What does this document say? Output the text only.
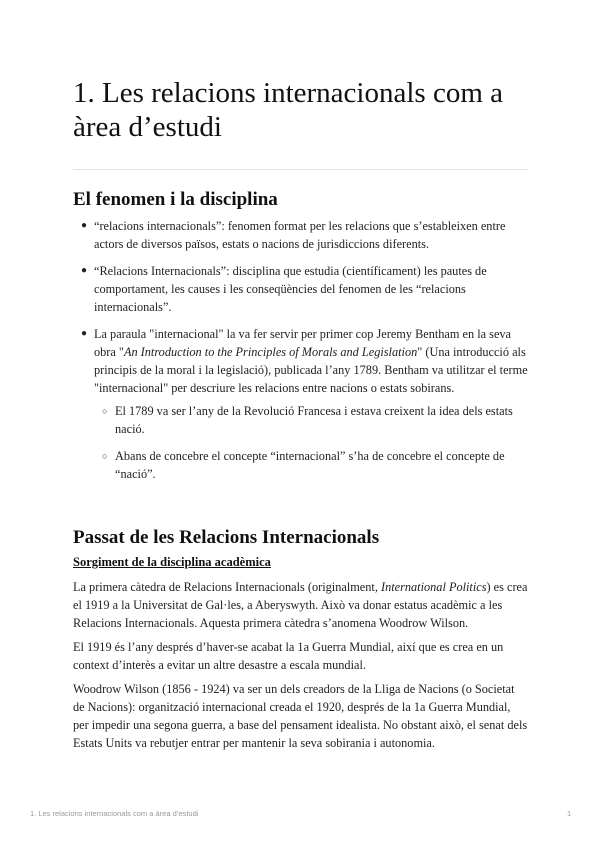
1. Les relacions internacionals com a àrea d’estudi
El fenomen i la disciplina
● “relacions internacionals”: fenomen format per les relacions que s’estableixen entre actors de diversos països, estats o nacions de jurisdiccions diferents.
● “Relacions Internacionals”: disciplina que estudia (científicament) les pautes de comportament, les causes i les conseqüències del fenomen de les “relacions internacionals”.
● La paraula "internacional" la va fer servir per primer cop Jeremy Bentham en la seva obra "An Introduction to the Principles of Morals and Legislation" (Una introducció als principis de la moral i la legislació), publicada l’any 1789. Bentham va utilitzar el terme "internacional" per descriure les relacions entre nacions o estats sobirans.
○ El 1789 va ser l’any de la Revolució Francesa i estava creixent la idea dels estats nació.
○ Abans de concebre el concepte “internacional” s’ha de concebre el concepte de “nació”.
Passat de les Relacions Internacionals
Sorgiment de la disciplina acadèmica
La primera càtedra de Relacions Internacionals (originalment, International Politics) es crea el 1919 a la Universitat de Gal·les, a Aberyswyth. Això va donar estatus acadèmic a les Relacions Internacionals. Aquesta primera càtedra s’anomena Woodrow Wilson.
El 1919 és l’any després d’haver-se acabat la 1a Guerra Mundial, així que es crea en un context d’interès a evitar un altre desastre a escala mundial.
Woodrow Wilson (1856 - 1924) va ser un dels creadors de la Lliga de Nacions (o Societat de Nacions): organització internacional creada el 1920, després de la 1a Guerra Mundial, per impedir una segona guerra, a base del pensament idealista. No obstant això, el senat dels Estats Units va rebutjer entrar per mantenir la seva sobirania i autonomia.
1. Les relacions internacionals com a àrea d’estudi	1
